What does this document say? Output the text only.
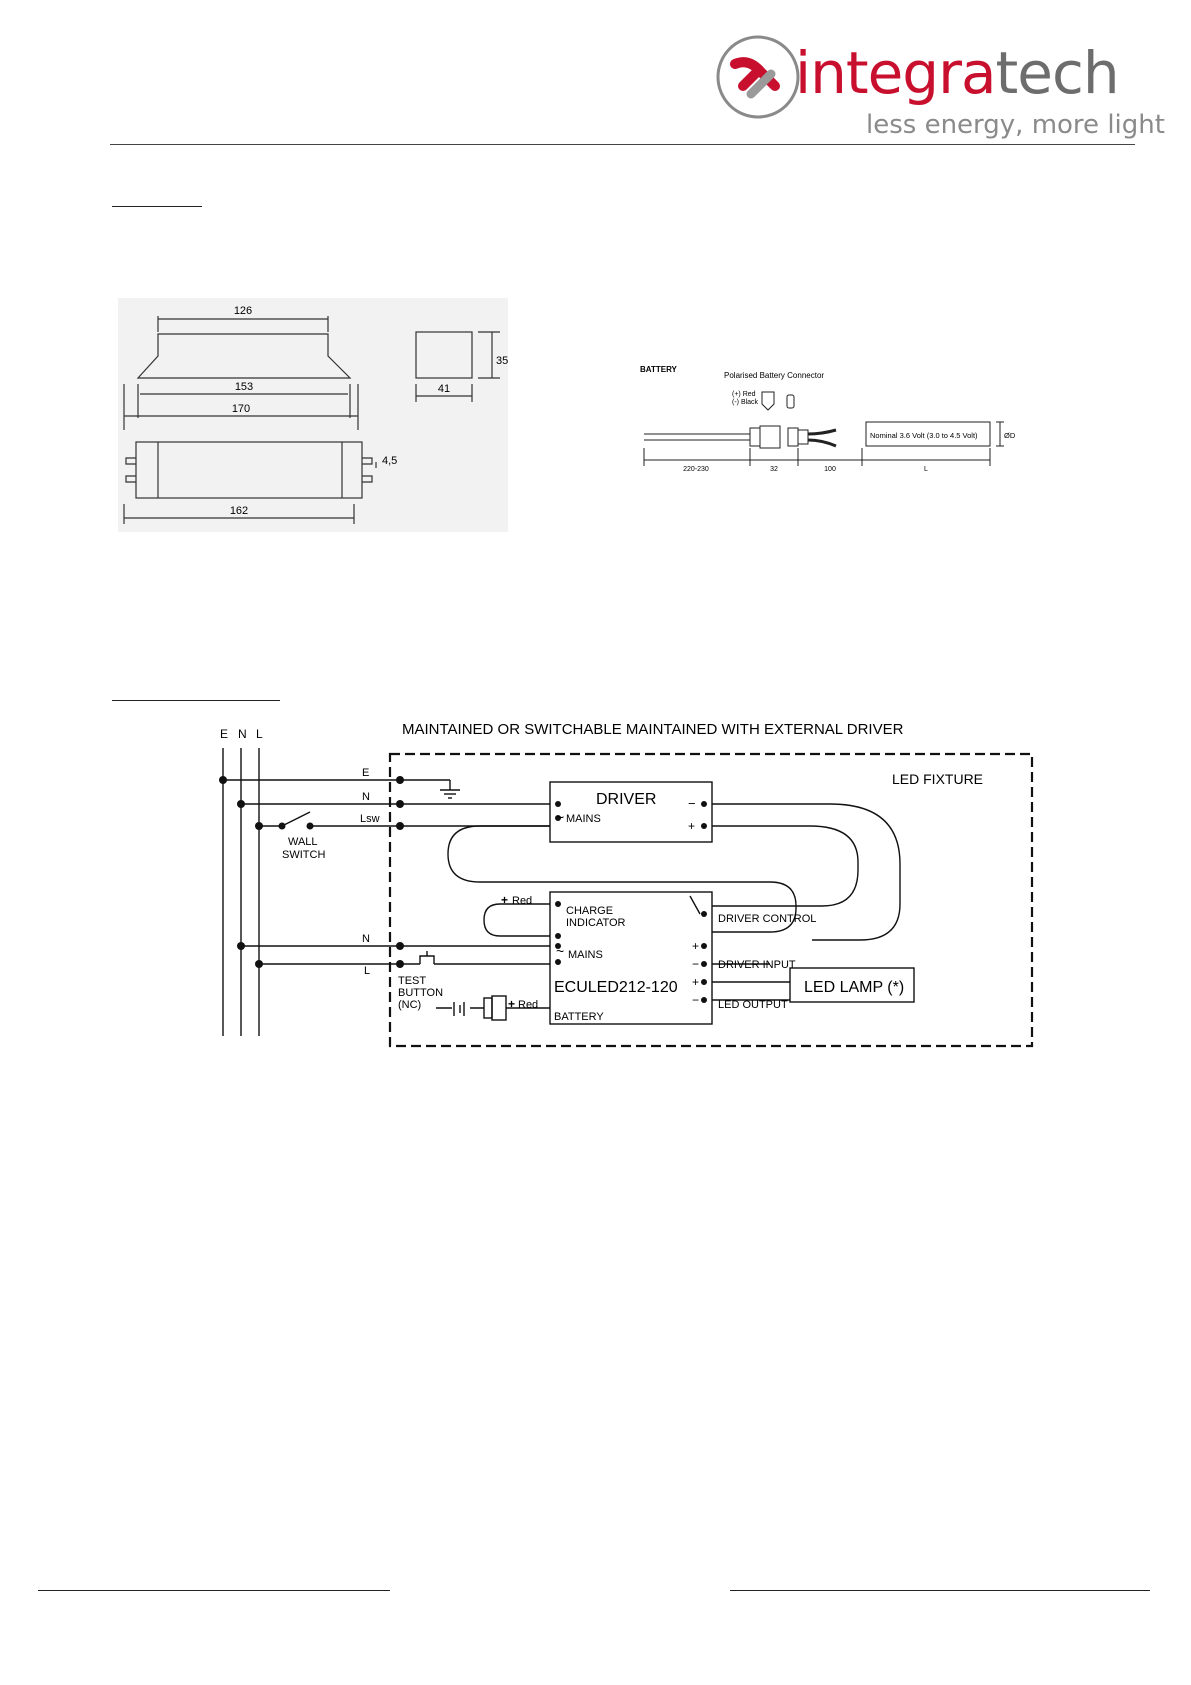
integratech
less energy, more light
126
153
170
41
35
4,5
162
BATTERY
Polarised Battery Connector
(+) Red
(-) Black
Nominal 3.6 Volt (3.0 to 4.5 Volt)	ØD
220-230	32	100	L
MAINTAINED OR SWITCHABLE MAINTAINED WITH EXTERNAL DRIVER
LED FIXTURE
E N L
E
N
Lsw
N
L
WALL
SWITCH
DRIVER
~ MAINS
−
+
+ Red
CHARGE
INDICATOR
~ MAINS
ECULED212-120
BATTERY
+ Red
TEST
BUTTON
(NC)
DRIVER CONTROL
+
DRIVER INPUT
−
+
LED OUTPUT
−
LED LAMP (*)
